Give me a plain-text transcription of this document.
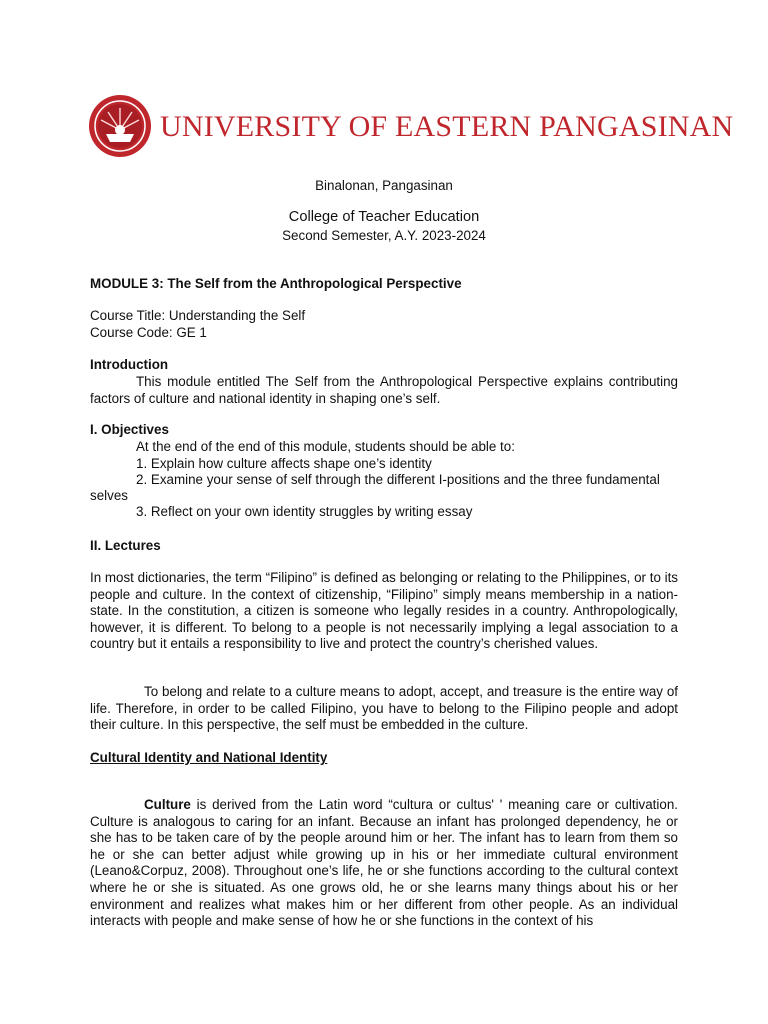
UNIVERSITY OF EASTERN PANGASINAN
Binalonan, Pangasinan
College of Teacher Education
Second Semester, A.Y. 2023-2024
MODULE 3: The Self from the Anthropological Perspective
Course Title: Understanding the Self
Course Code: GE 1
Introduction

This module entitled The Self from the Anthropological Perspective explains contributing factors of culture and national identity in shaping one’s self.

I. Objectives
At the end of the end of this module, students should be able to:
1. Explain how culture affects shape one’s identity
2. Examine your sense of self through the different I-positions and the three fundamental
selves
3. Reflect on your own identity struggles by writing essay
II. Lectures

In most dictionaries, the term “Filipino” is defined as belonging or relating to the Philippines, or to its people and culture. In the context of citizenship, “Filipino” simply means membership in a nation-state. In the constitution, a citizen is someone who legally resides in a country. Anthropologically, however, it is different. To belong to a people is not necessarily implying a legal association to a country but it entails a responsibility to live and protect the country’s cherished values.

To belong and relate to a culture means to adopt, accept, and treasure is the entire way of life. Therefore, in order to be called Filipino, you have to belong to the Filipino people and adopt their culture. In this perspective, the self must be embedded in the culture.

Cultural Identity and National Identity

Culture is derived from the Latin word “cultura or cultus' ' meaning care or cultivation. Culture is analogous to caring for an infant. Because an infant has prolonged dependency, he or she has to be taken care of by the people around him or her. The infant has to learn from them so he or she can better adjust while growing up in his or her immediate cultural environment (Leano&Corpuz, 2008). Throughout one’s life, he or she functions according to the cultural context where he or she is situated. As one grows old, he or she learns many things about his or her environment and realizes what makes him or her different from other people. As an individual interacts with people and make sense of how he or she functions in the context of his
